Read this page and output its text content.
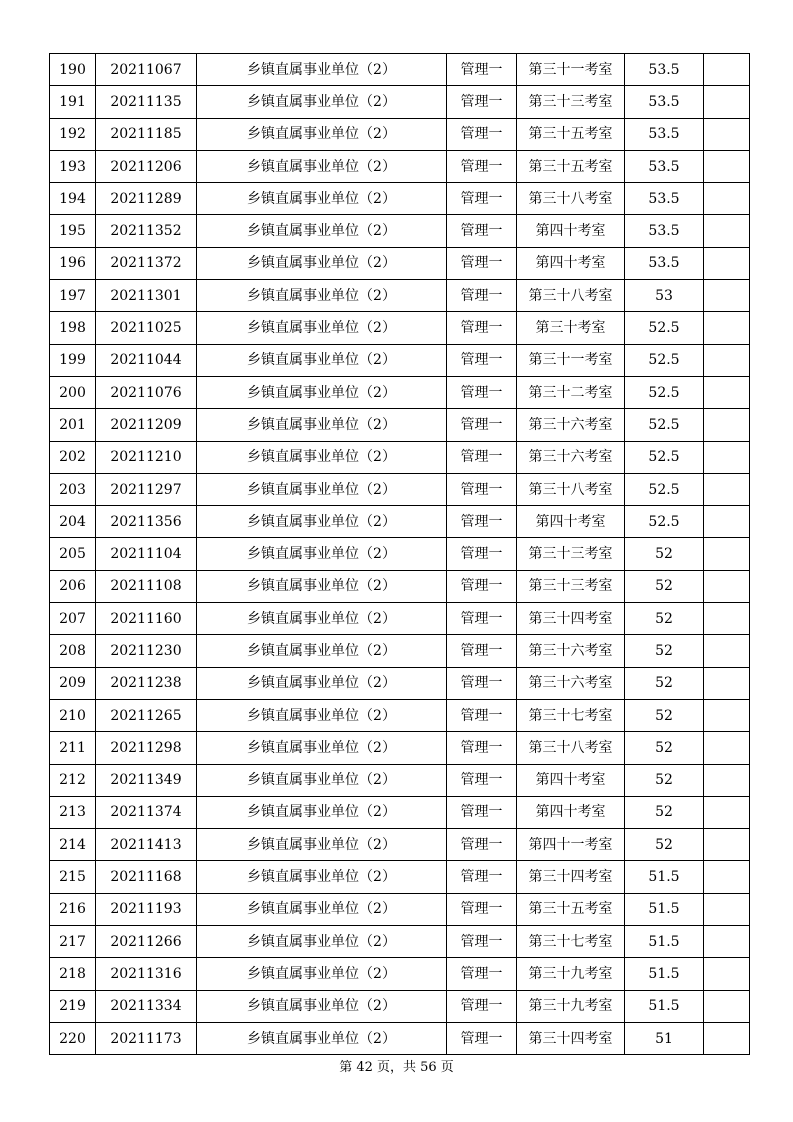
190	20211067	乡镇直属事业单位（2）	管理一	第三十一考室	53.5	
191	20211135	乡镇直属事业单位（2）	管理一	第三十三考室	53.5	
192	20211185	乡镇直属事业单位（2）	管理一	第三十五考室	53.5	
193	20211206	乡镇直属事业单位（2）	管理一	第三十五考室	53.5	
194	20211289	乡镇直属事业单位（2）	管理一	第三十八考室	53.5	
195	20211352	乡镇直属事业单位（2）	管理一	第四十考室	53.5	
196	20211372	乡镇直属事业单位（2）	管理一	第四十考室	53.5	
197	20211301	乡镇直属事业单位（2）	管理一	第三十八考室	53	
198	20211025	乡镇直属事业单位（2）	管理一	第三十考室	52.5	
199	20211044	乡镇直属事业单位（2）	管理一	第三十一考室	52.5	
200	20211076	乡镇直属事业单位（2）	管理一	第三十二考室	52.5	
201	20211209	乡镇直属事业单位（2）	管理一	第三十六考室	52.5	
202	20211210	乡镇直属事业单位（2）	管理一	第三十六考室	52.5	
203	20211297	乡镇直属事业单位（2）	管理一	第三十八考室	52.5	
204	20211356	乡镇直属事业单位（2）	管理一	第四十考室	52.5	
205	20211104	乡镇直属事业单位（2）	管理一	第三十三考室	52	
206	20211108	乡镇直属事业单位（2）	管理一	第三十三考室	52	
207	20211160	乡镇直属事业单位（2）	管理一	第三十四考室	52	
208	20211230	乡镇直属事业单位（2）	管理一	第三十六考室	52	
209	20211238	乡镇直属事业单位（2）	管理一	第三十六考室	52	
210	20211265	乡镇直属事业单位（2）	管理一	第三十七考室	52	
211	20211298	乡镇直属事业单位（2）	管理一	第三十八考室	52	
212	20211349	乡镇直属事业单位（2）	管理一	第四十考室	52	
213	20211374	乡镇直属事业单位（2）	管理一	第四十考室	52	
214	20211413	乡镇直属事业单位（2）	管理一	第四十一考室	52	
215	20211168	乡镇直属事业单位（2）	管理一	第三十四考室	51.5	
216	20211193	乡镇直属事业单位（2）	管理一	第三十五考室	51.5	
217	20211266	乡镇直属事业单位（2）	管理一	第三十七考室	51.5	
218	20211316	乡镇直属事业单位（2）	管理一	第三十九考室	51.5	
219	20211334	乡镇直属事业单位（2）	管理一	第三十九考室	51.5	
220	20211173	乡镇直属事业单位（2）	管理一	第三十四考室	51	
第 42 页，共 56 页
